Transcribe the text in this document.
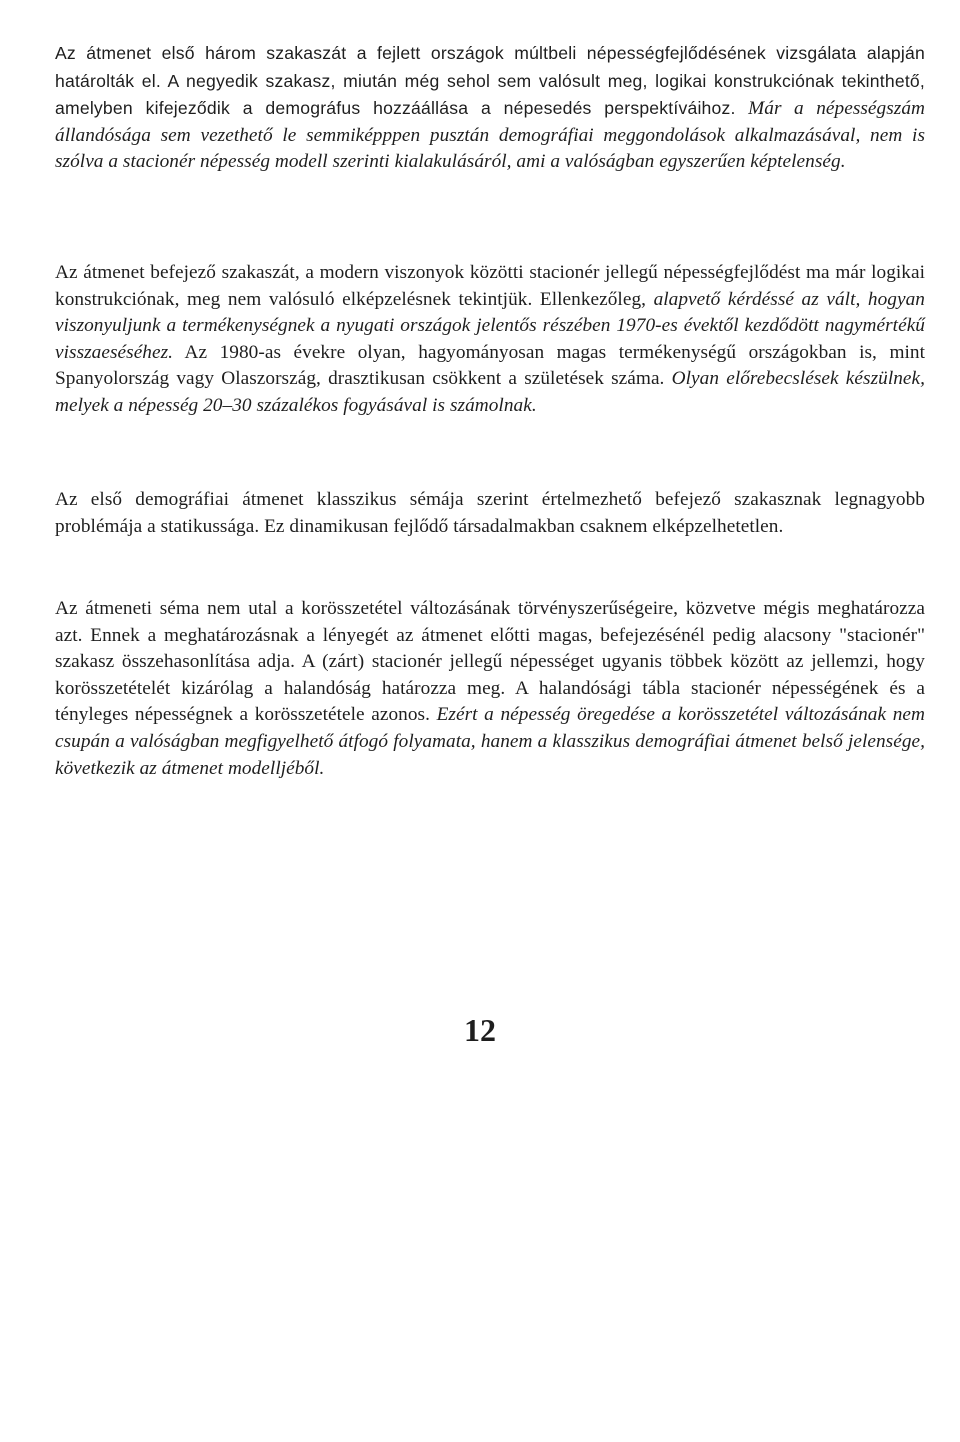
Az átmenet első három szakaszát a fejlett országok múltbeli népességfejlődésének vizsgálata alapján határolták el. A negyedik szakasz, miután még sehol sem valósult meg, logikai konstrukciónak tekinthető, amelyben kifejeződik a demográfus hozzáállása a népesedés perspektíváihoz. Már a népességszám állandósága sem vezethető le semmiképppen pusztán demográfiai meggondolások alkalmazásával, nem is szólva a stacionér népesség modell szerinti kialakulásáról, ami a valóságban egyszerűen képtelenség.

Az átmenet befejező szakaszát, a modern viszonyok közötti stacionér jellegű népességfejlődést ma már logikai konstrukciónak, meg nem valósuló elképzelésnek tekintjük. Ellenkezőleg, alapvető kérdéssé az vált, hogyan viszonyuljunk a termékenységnek a nyugati országok jelentős részében 1970-es évektől kezdődött nagymértékű visszaeséséhez. Az 1980-as évekre olyan, hagyományosan magas termékenységű országokban is, mint Spanyolország vagy Olaszország, drasztikusan csökkent a születések száma. Olyan előrebecslések készülnek, melyek a népesség 20–30 százalékos fogyásával is számolnak.

Az első demográfiai átmenet klasszikus sémája szerint értelmezhető befejező szakasznak legnagyobb problémája a statikussága. Ez dinamikusan fejlődő társadalmakban csaknem elképzelhetetlen.

Az átmeneti séma nem utal a korösszetétel változásának törvényszerűségeire, közvetve mégis meghatározza azt. Ennek a meghatározásnak a lényegét az átmenet előtti magas, befejezésénél pedig alacsony "stacionér" szakasz összehasonlítása adja. A (zárt) stacionér jellegű népességet ugyanis többek között az jellemzi, hogy korösszetételét kizárólag a halandóság határozza meg. A halandósági tábla stacionér népességének és a tényleges népességnek a korösszetétele azonos. Ezért a népesség öregedése a korösszetétel változásának nem csupán a valóságban megfigyelhető átfogó folyamata, hanem a klasszikus demográfiai átmenet belső jelensége, következik az átmenet modelljéből.

12
